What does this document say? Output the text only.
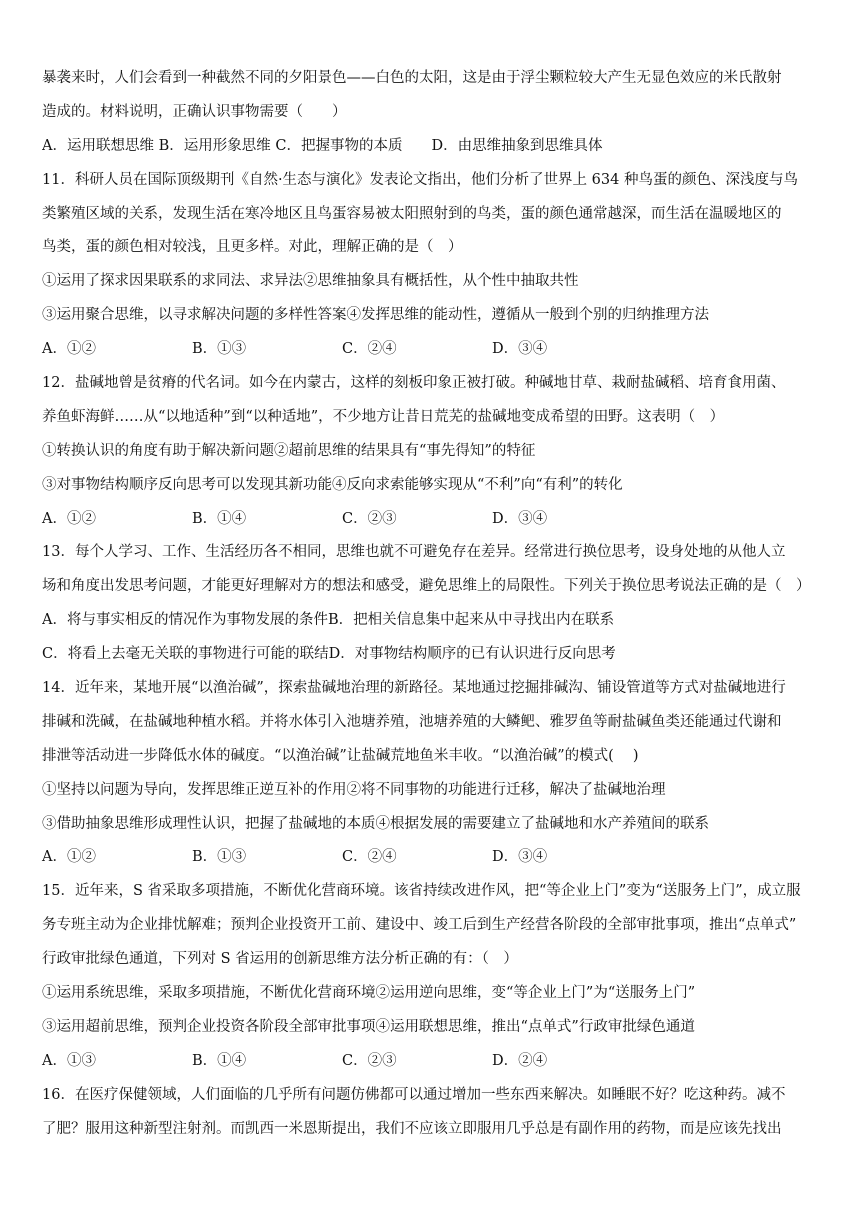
暴袭来时，人们会看到一种截然不同的夕阳景色——白色的太阳，这是由于浮尘颗粒较大产生无显色效应的米氏散射
造成的。材料说明，正确认识事物需要（　　）
A．运用联想思维 B．运用形象思维 C．把握事物的本质　　D．由思维抽象到思维具体
11．科研人员在国际顶级期刊《自然·生态与演化》发表论文指出，他们分析了世界上 634 种鸟蛋的颜色、深浅度与鸟
类繁殖区域的关系，发现生活在寒冷地区且鸟蛋容易被太阳照射到的鸟类，蛋的颜色通常越深，而生活在温暖地区的
鸟类，蛋的颜色相对较浅，且更多样。对此，理解正确的是（　）
①运用了探求因果联系的求同法、求异法②思维抽象具有概括性，从个性中抽取共性
③运用聚合思维，以寻求解决问题的多样性答案④发挥思维的能动性，遵循从一般到个别的归纳推理方法
A．①②	B．①③	C．②④	D．③④
12．盐碱地曾是贫瘠的代名词。如今在内蒙古，这样的刻板印象正被打破。种碱地甘草、栽耐盐碱稻、培育食用菌、
养鱼虾海鲜……从“以地适种”到“以种适地”，不少地方让昔日荒芜的盐碱地变成希望的田野。这表明（　）
①转换认识的角度有助于解决新问题②超前思维的结果具有“事先得知”的特征
③对事物结构顺序反向思考可以发现其新功能④反向求索能够实现从“不利”向“有利”的转化
A．①②	B．①④	C．②③	D．③④
13．每个人学习、工作、生活经历各不相同，思维也就不可避免存在差异。经常进行换位思考，设身处地的从他人立
场和角度出发思考问题，才能更好理解对方的想法和感受，避免思维上的局限性。下列关于换位思考说法正确的是（　）
A．将与事实相反的情况作为事物发展的条件B．把相关信息集中起来从中寻找出内在联系
C．将看上去毫无关联的事物进行可能的联结D．对事物结构顺序的已有认识进行反向思考
14．近年来，某地开展“以渔治碱”，探索盐碱地治理的新路径。某地通过挖掘排碱沟、铺设管道等方式对盐碱地进行
排碱和洗碱，在盐碱地种植水稻。并将水体引入池塘养殖，池塘养殖的大鳞鲃、雅罗鱼等耐盐碱鱼类还能通过代谢和
排泄等活动进一步降低水体的碱度。“以渔治碱”让盐碱荒地鱼米丰收。“以渔治碱”的模式(　 )
①坚持以问题为导向，发挥思维正逆互补的作用②将不同事物的功能进行迁移，解决了盐碱地治理
③借助抽象思维形成理性认识，把握了盐碱地的本质④根据发展的需要建立了盐碱地和水产养殖间的联系
A．①②	B．①③	C．②④	D．③④
15．近年来，S 省采取多项措施，不断优化营商环境。该省持续改进作风，把“等企业上门”变为“送服务上门”，成立服
务专班主动为企业排忧解难；预判企业投资开工前、建设中、竣工后到生产经营各阶段的全部审批事项，推出“点单式”
行政审批绿色通道，下列对 S 省运用的创新思维方法分析正确的有：（　）
①运用系统思维，采取多项措施，不断优化营商环境②运用逆向思维，变“等企业上门”为“送服务上门”
③运用超前思维，预判企业投资各阶段全部审批事项④运用联想思维，推出“点单式”行政审批绿色通道
A．①③	B．①④	C．②③	D．②④
16．在医疗保健领域，人们面临的几乎所有问题仿佛都可以通过增加一些东西来解决。如睡眠不好？吃这种药。减不
了肥？服用这种新型注射剂。而凯西一米恩斯提出，我们不应该立即服用几乎总是有副作用的药物，而是应该先找出
